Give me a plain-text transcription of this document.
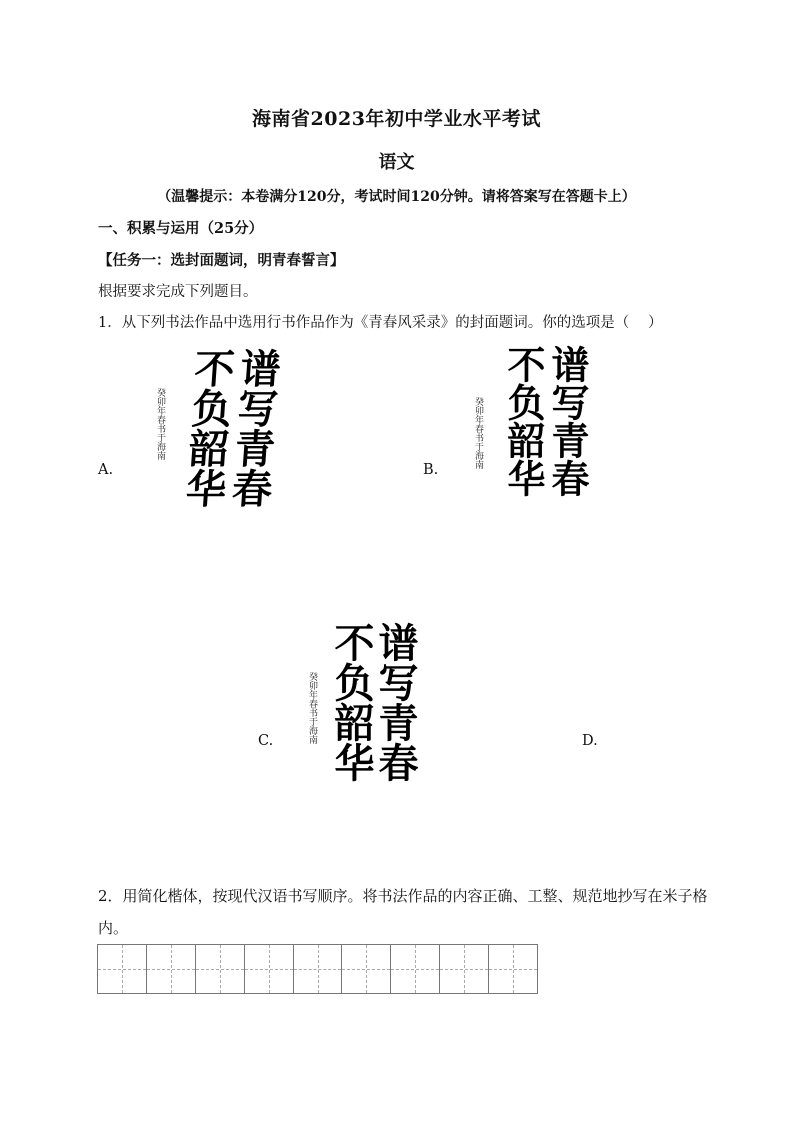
海南省2023年初中学业水平考试
语文
（温馨提示：本卷满分120分，考试时间120分钟。请将答案写在答题卡上）
一、积累与运用（25分）
【任务一：选封面题词，明青春誓言】
根据要求完成下列题目。
1．从下列书法作品中选用行书作品作为《青春风采录》的封面题词。你的选项是（ ）
A.
癸卯年春书于海南 不负韶华
谱写青春	B.
癸卯年春书于海南 不负韶华 谱写青春
C.	癸卯年春书于海南 不负韶华
谱写青春	D.
2．用简化楷体，按现代汉语书写顺序。将书法作品的内容正确、工整、规范地抄写在米子格内。
